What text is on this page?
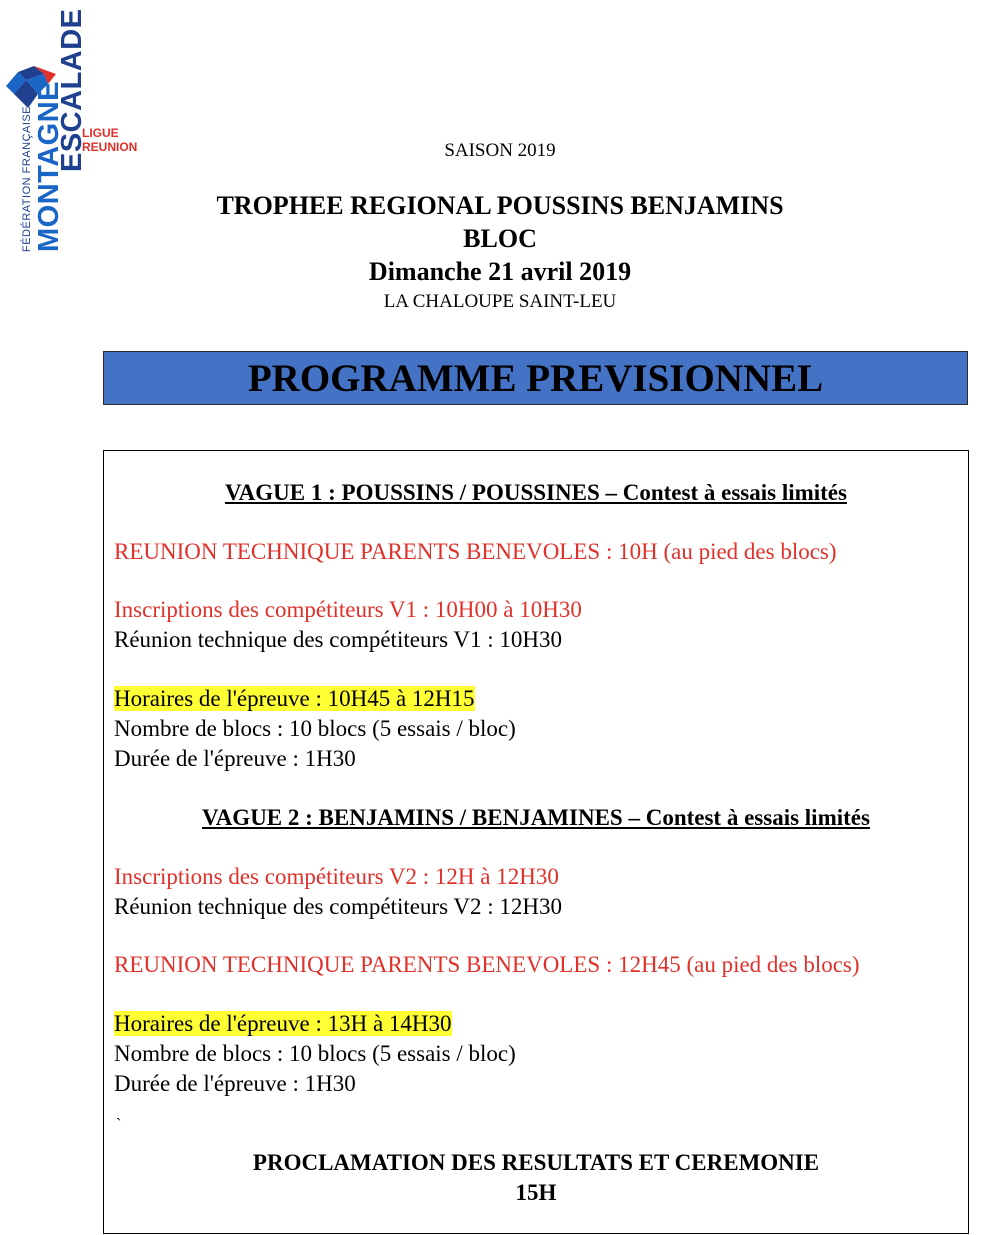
FÉDÉRATION FRANÇAISE MONTAGNE
ESCALADE
LIGUE
REUNION	SAISON 2019
TROPHEE REGIONAL POUSSINS BENJAMINS
BLOC
Dimanche 21 avril 2019
LA CHALOUPE SAINT-LEU
PROGRAMME PREVISIONNEL
VAGUE 1 : POUSSINS / POUSSINES – Contest à essais limités
REUNION TECHNIQUE PARENTS BENEVOLES : 10H (au pied des blocs)
Inscriptions des compétiteurs V1 : 10H00 à 10H30
Réunion technique des compétiteurs V1 : 10H30
Horaires de l'épreuve : 10H45 à 12H15
Nombre de blocs : 10 blocs (5 essais / bloc)
Durée de l'épreuve : 1H30
VAGUE 2 : BENJAMINS / BENJAMINES – Contest à essais limités
Inscriptions des compétiteurs V2 : 12H à 12H30
Réunion technique des compétiteurs V2 : 12H30
REUNION TECHNIQUE PARENTS BENEVOLES : 12H45 (au pied des blocs)
Horaires de l'épreuve : 13H à 14H30
Nombre de blocs : 10 blocs (5 essais / bloc)
Durée de l'épreuve : 1H30
`
PROCLAMATION DES RESULTATS ET CEREMONIE
15H
